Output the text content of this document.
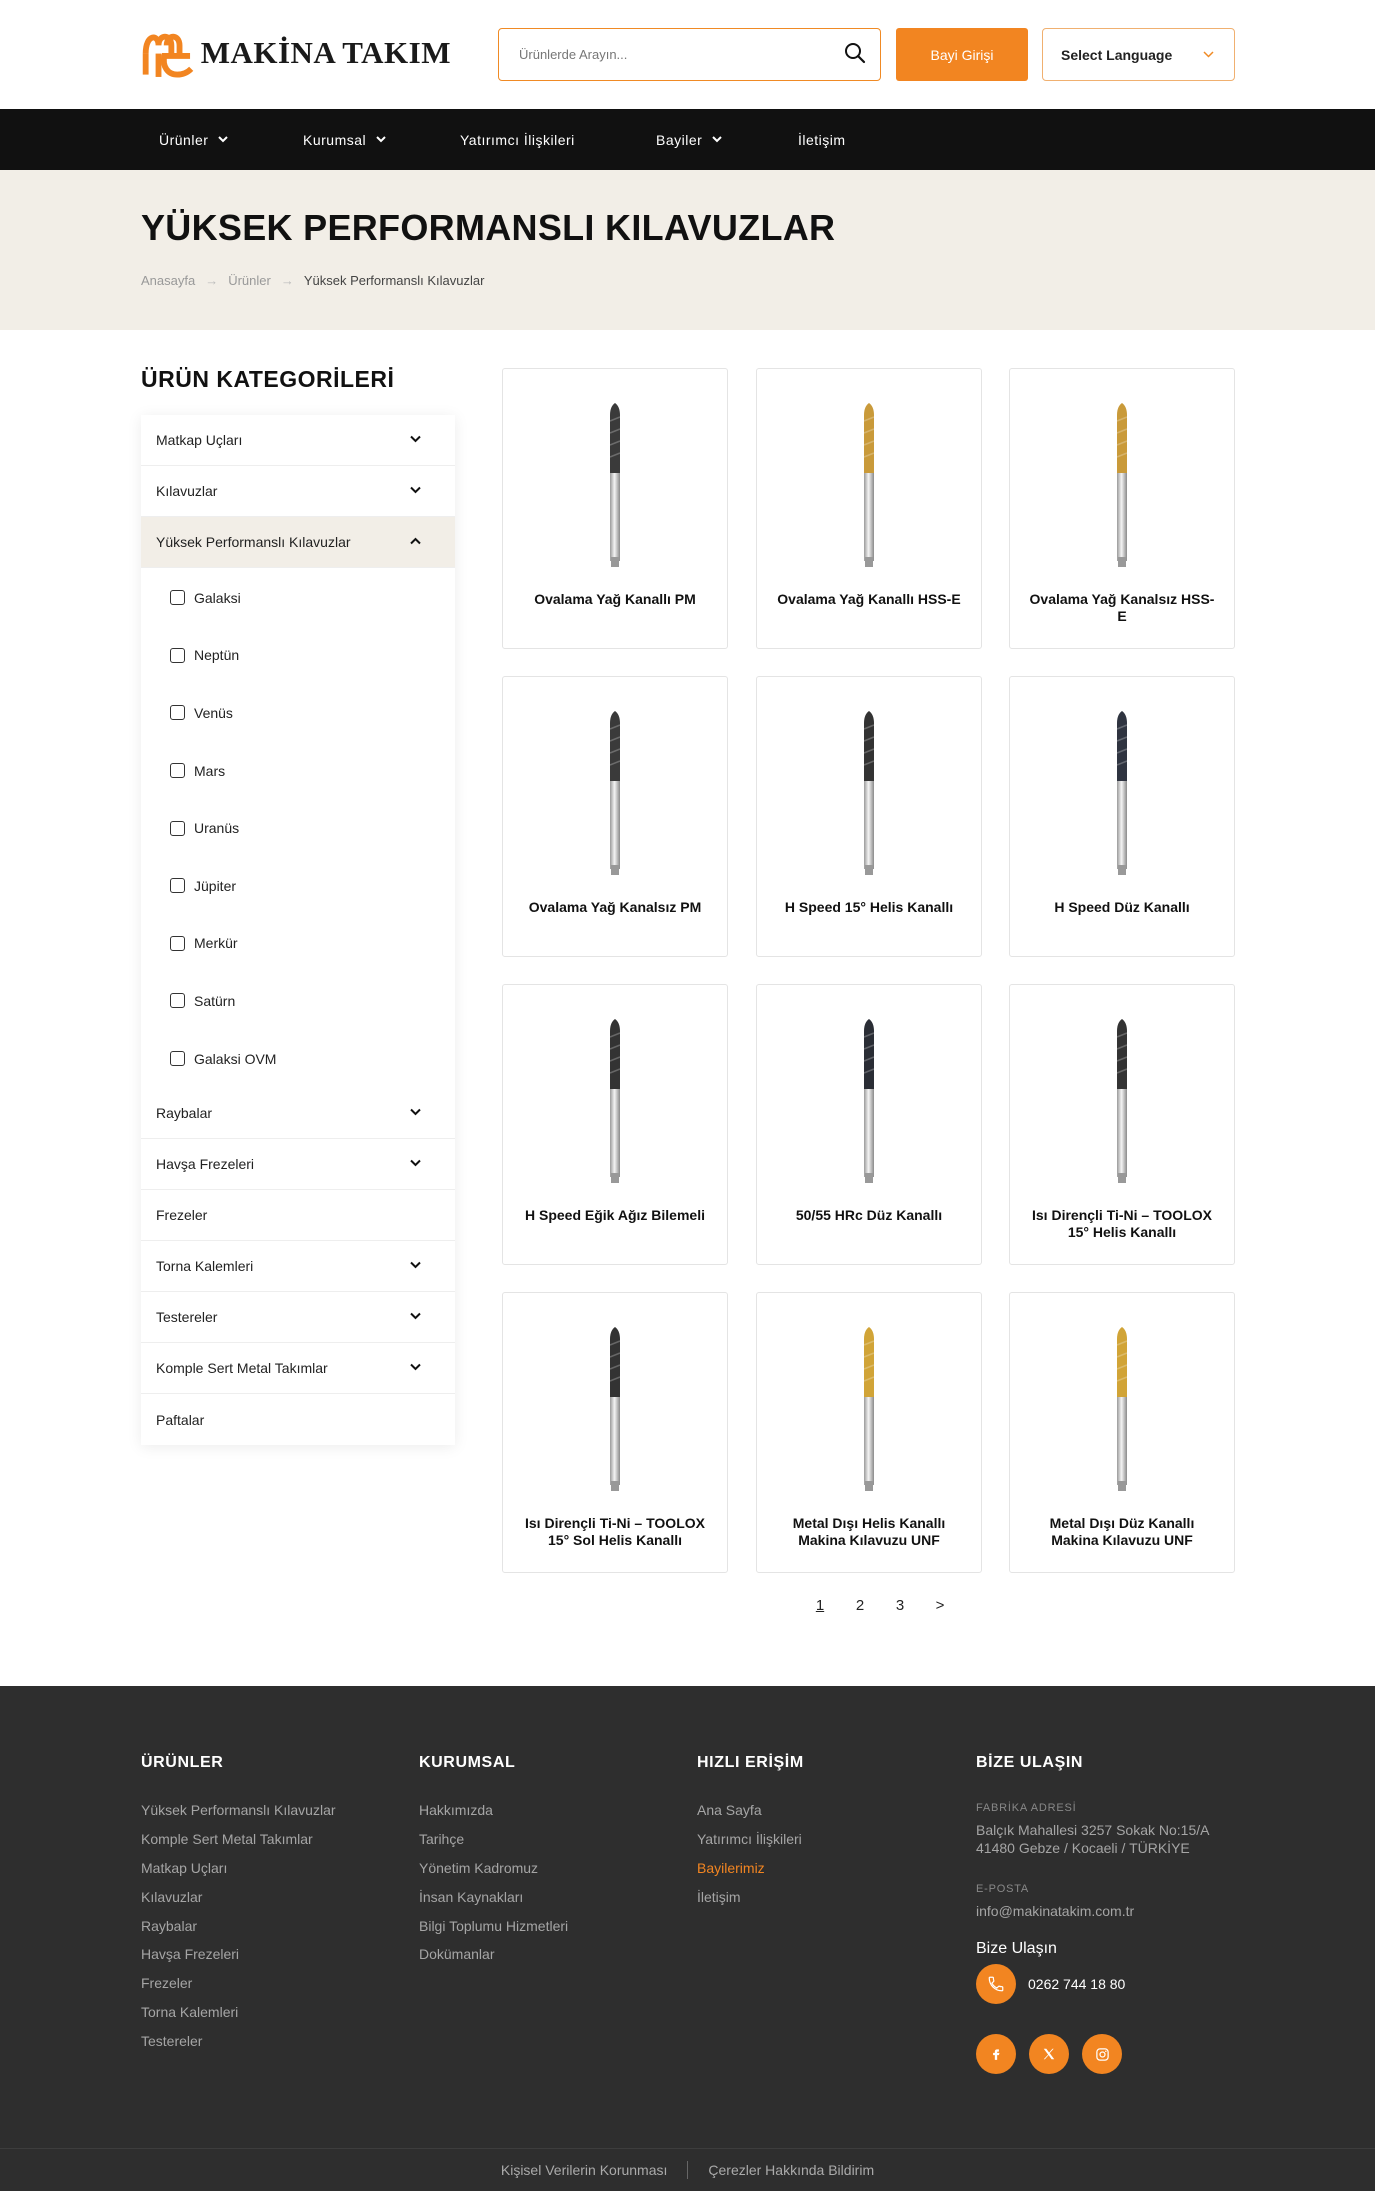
MAKİNA TAKIM
Ürünlerde Arayın...	Bayi Girişi	Select Language
Ürünler	Kurumsal	Yatırımcı İlişkileri	Bayiler	İletişim
YÜKSEK PERFORMANSLI KILAVUZLAR
Anasayfa → Ürünler → Yüksek Performanslı Kılavuzlar
ÜRÜN KATEGORİLERİ
Matkap Uçları
Kılavuzlar
Yüksek Performanslı Kılavuzlar
Galaksi
Neptün
Venüs
Mars
Uranüs
Jüpiter
Merkür
Satürn
Galaksi OVM
Raybalar
Havşa Frezeleri
Frezeler
Torna Kalemleri
Testereler
Komple Sert Metal Takımlar
Paftalar
Ovalama Yağ Kanallı PM	Ovalama Yağ Kanallı HSS-E	Ovalama Yağ Kanalsız HSS-E
Ovalama Yağ Kanalsız PM	H Speed 15° Helis Kanallı	H Speed Düz Kanallı
H Speed Eğik Ağız Bilemeli	50/55 HRc Düz Kanallı	Isı Dirençli Ti-Ni – TOOLOX 15° Helis Kanallı
Isı Dirençli Ti-Ni – TOOLOX 15° Sol Helis Kanallı
Metal Dışı Helis Kanallı Makina Kılavuzu UNF
Metal Dışı Düz Kanallı Makina Kılavuzu UNF
1	2	3	>
ÜRÜNLER
Yüksek Performanslı Kılavuzlar
Komple Sert Metal Takımlar
Matkap Uçları
Kılavuzlar
Raybalar
Havşa Frezeleri
Frezeler
Torna Kalemleri
Testereler
KURUMSAL
Hakkımızda
Tarihçe
Yönetim Kadromuz
İnsan Kaynakları
Bilgi Toplumu Hizmetleri
Dokümanlar
HIZLI ERİŞİM
Ana Sayfa
Yatırımcı İlişkileri
Bayilerimiz
İletişim
BİZE ULAŞIN
FABRİKA ADRESİ
Balçık Mahallesi 3257 Sokak No:15/A
41480 Gebze / Kocaeli / TÜRKİYE
E-POSTA
info@makinatakim.com.tr
Bize Ulaşın
0262 744 18 80
Kişisel Verilerin Korunması	Çerezler Hakkında Bildirim
